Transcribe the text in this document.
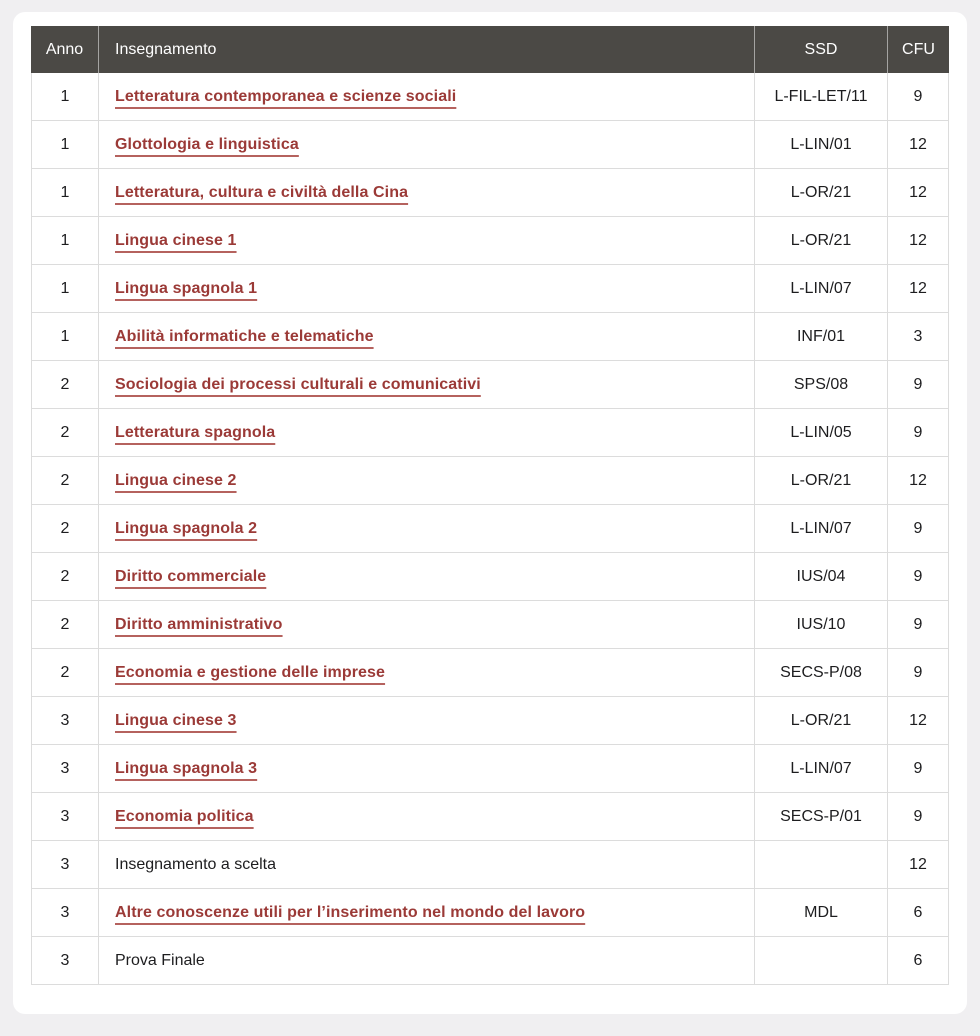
Anno	Insegnamento	SSD	CFU
1	Letteratura contemporanea e scienze sociali	L-FIL-LET/11	9
1	Glottologia e linguistica	L-LIN/01	12
1	Letteratura, cultura e civiltà della Cina	L-OR/21	12
1	Lingua cinese 1	L-OR/21	12
1	Lingua spagnola 1	L-LIN/07	12
1	Abilità informatiche e telematiche	INF/01	3
2	Sociologia dei processi culturali e comunicativi	SPS/08	9
2	Letteratura spagnola	L-LIN/05	9
2	Lingua cinese 2	L-OR/21	12
2	Lingua spagnola 2	L-LIN/07	9
2	Diritto commerciale	IUS/04	9
2	Diritto amministrativo	IUS/10	9
2	Economia e gestione delle imprese	SECS-P/08	9
3	Lingua cinese 3	L-OR/21	12
3	Lingua spagnola 3	L-LIN/07	9
3	Economia politica	SECS-P/01	9
3	Insegnamento a scelta		12
3	Altre conoscenze utili per l’inserimento nel mondo del lavoro	MDL	6
3	Prova Finale		6
